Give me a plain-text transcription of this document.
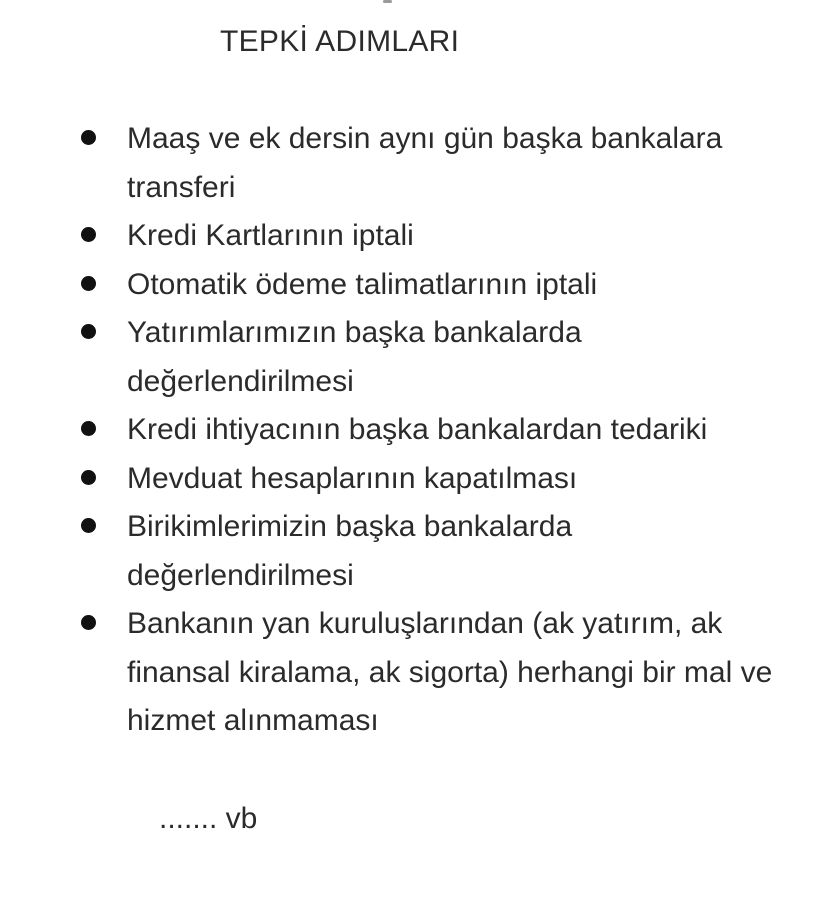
TEPKİ ADIMLARI
Maaş ve ek dersin aynı gün başka bankalara transferi
Kredi Kartlarının iptali
Otomatik ödeme talimatlarının iptali
Yatırımlarımızın başka bankalarda değerlendirilmesi
Kredi ihtiyacının başka bankalardan tedariki
Mevduat hesaplarının kapatılması
Birikimlerimizin başka bankalarda değerlendirilmesi
Bankanın yan kuruluşlarından (ak yatırım, ak finansal kiralama, ak sigorta) herhangi bir mal ve hizmet alınmaması
....... vb
